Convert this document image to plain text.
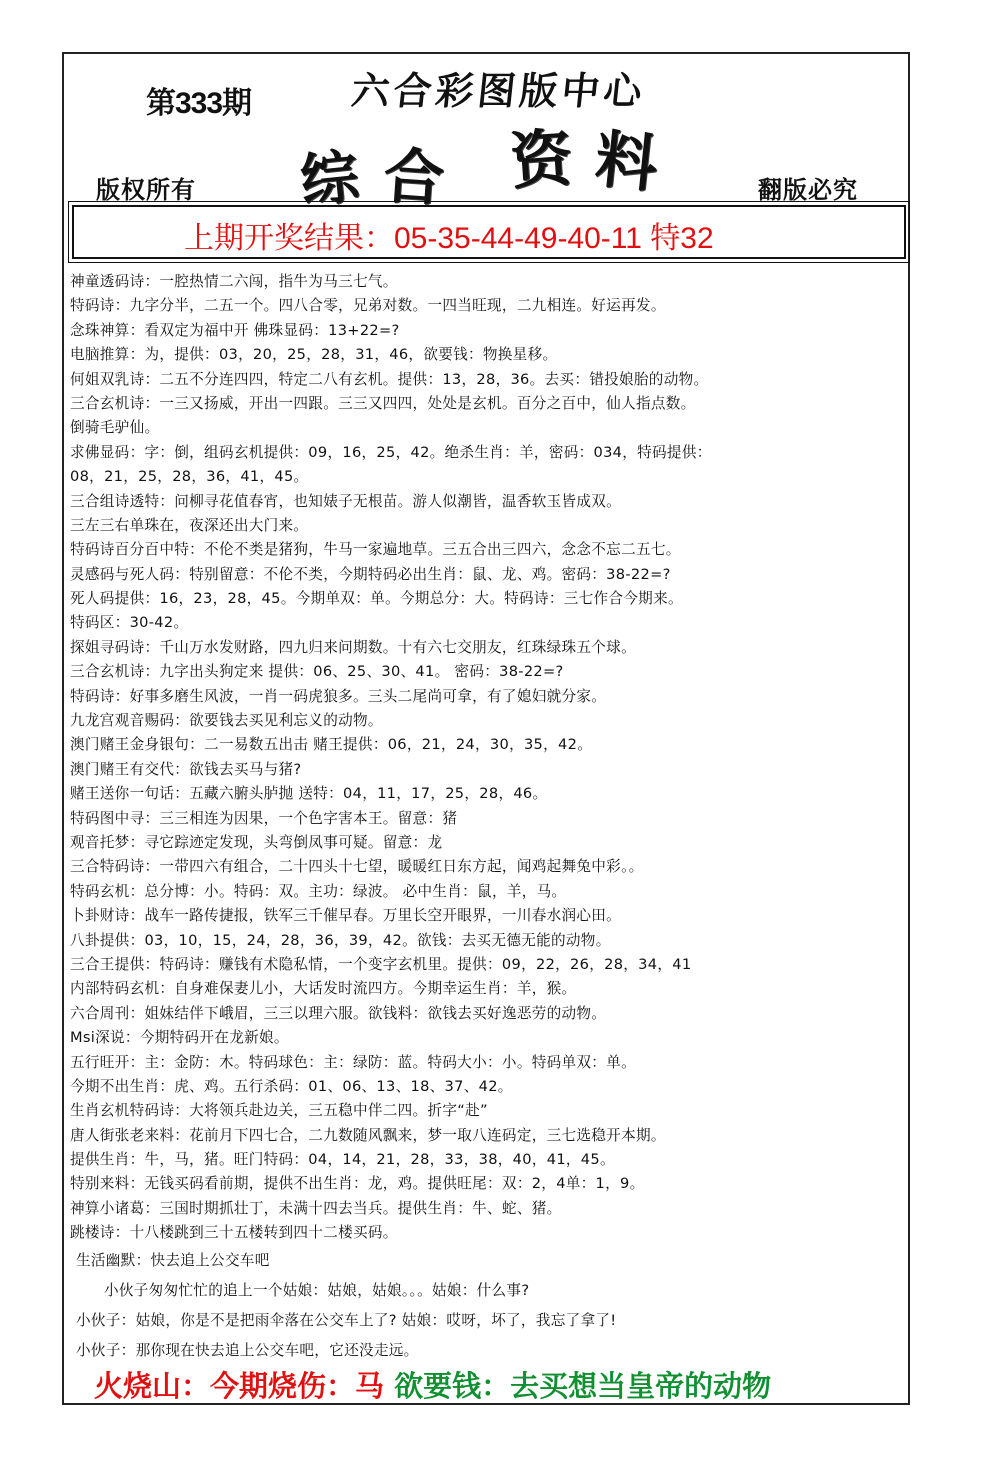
第333期	六合彩图版中心
综 合 资 料
版权所有	翻版必究
上期开奖结果：05-35-44-49-40-11 特32
神童透码诗：一腔热情二六闯，指牛为马三七气。
特码诗：九字分半，二五一个。四八合零，兄弟对数。一四当旺现，二九相连。好运再发。
念珠神算：看双定为福中开 佛珠显码：13+22=?
电脑推算：为，提供：03，20，25，28，31，46，欲要钱：物换星移。
何姐双乳诗：二五不分连四四，特定二八有玄机。提供：13，28，36。去买：错投娘胎的动物。
三合玄机诗：一三又扬威，开出一四跟。三三又四四，处处是玄机。百分之百中，仙人指点数。
倒骑毛驴仙。
求佛显码：字：倒，组码玄机提供：09，16，25，42。绝杀生肖：羊，密码：034，特码提供：
08，21，25，28，36，41，45。
三合组诗透特：问柳寻花值春宵，也知婊子无根苗。游人似潮皆，温香软玉皆成双。
三左三右单珠在，夜深还出大门来。
特码诗百分百中特：不伦不类是猪狗，牛马一家遍地草。三五合出三四六，念念不忘二五七。
灵感码与死人码：特别留意：不伦不类，今期特码必出生肖：鼠、龙、鸡。密码：38-22=?
死人码提供：16，23，28，45。今期单双：单。今期总分：大。特码诗：三七作合今期来。
特码区：30-42。
探姐寻码诗：千山万水发财路，四九归来问期数。十有六七交朋友，红珠绿珠五个球。
三合玄机诗：九字出头狗定来 提供：06、25、30、41。 密码：38-22=?
特码诗：好事多磨生风波，一肖一码虎狼多。三头二尾尚可拿，有了媳妇就分家。
九龙宫观音赐码：欲要钱去买见利忘义的动物。
澳门赌王金身银句：二一易数五出击 赌王提供：06，21，24，30，35，42。
澳门赌王有交代：欲钱去买马与猪?
赌王送你一句话：五藏六腑头胪抛 送特：04，11，17，25，28，46。
特码图中寻：三三相连为因果，一个色字害本王。留意：猪
观音托梦：寻它踪迹定发现，头弯倒凤事可疑。留意：龙
三合特码诗：一带四六有组合，二十四头十七望，暖暖红日东方起，闻鸡起舞兔中彩。。
特码玄机：总分博：小。特码：双。主功：绿波。 必中生肖：鼠，羊，马。
卜卦财诗：战车一路传捷报，铁军三千催早春。万里长空开眼界，一川春水润心田。
八卦提供：03，10，15，24，28，36，39，42。欲钱：去买无德无能的动物。
三合王提供：特码诗：赚钱有术隐私情，一个变字玄机里。提供：09，22，26，28，34，41
内部特码玄机：自身难保妻儿小，大话发时流四方。今期幸运生肖：羊，猴。
六合周刊：姐妹结伴下峨眉，三三以理六服。欲钱料：欲钱去买好逸恶劳的动物。
Msi深说：今期特码开在龙新娘。
五行旺开：主：金防：木。特码球色：主：绿防：蓝。特码大小：小。特码单双：单。
今期不出生肖：虎、鸡。五行杀码：01、06、13、18、37、42。
生肖玄机特码诗：大将领兵赴边关，三五稳中伴二四。折字“赴”
唐人街张老来料：花前月下四七合，二九数随风飘来，梦一取八连码定，三七选稳开本期。
提供生肖：牛，马，猪。旺门特码：04，14，21，28，33，38，40，41，45。
特别来料：无钱买码看前期，提供不出生肖：龙，鸡。提供旺尾：双：2，4单：1，9。
神算小诸葛：三国时期抓壮丁，未满十四去当兵。提供生肖：牛、蛇、猪。
跳楼诗：十八楼跳到三十五楼转到四十二楼买码。
生活幽默：快去追上公交车吧
小伙子匆匆忙忙的追上一个姑娘：姑娘，姑娘。。。姑娘：什么事?
小伙子：姑娘，你是不是把雨伞落在公交车上了? 姑娘：哎呀，坏了，我忘了拿了!
小伙子：那你现在快去追上公交车吧，它还没走远。
火烧山：今期烧伤：马 欲要钱：去买想当皇帝的动物
